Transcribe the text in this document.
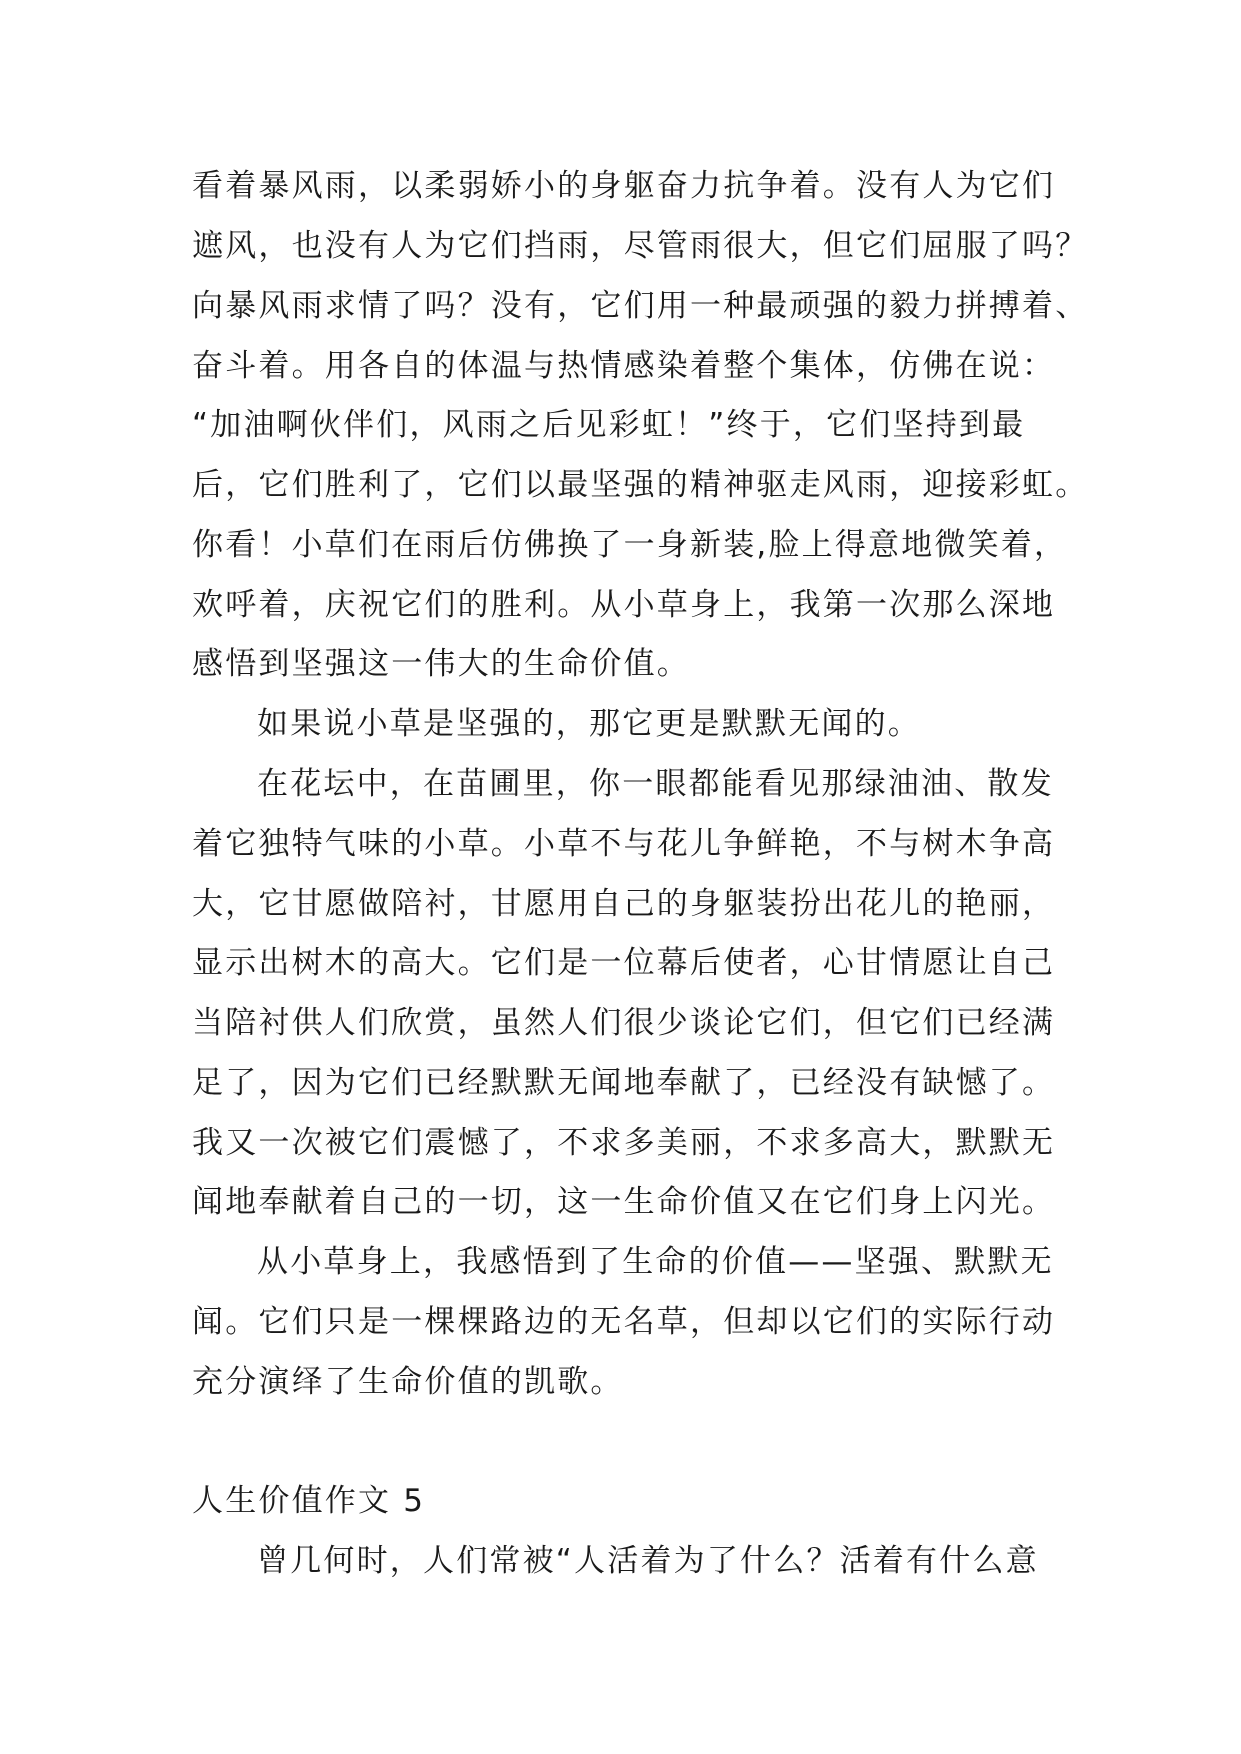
看着暴风雨，以柔弱娇小的身躯奋力抗争着。没有人为它们
遮风，也没有人为它们挡雨，尽管雨很大，但它们屈服了吗？
向暴风雨求情了吗？没有，它们用一种最顽强的毅力拼搏着、
奋斗着。用各自的体温与热情感染着整个集体，仿佛在说：
“加油啊伙伴们，风雨之后见彩虹！”终于，它们坚持到最
后，它们胜利了，它们以最坚强的精神驱走风雨，迎接彩虹。
你看！小草们在雨后仿佛换了一身新装,脸上得意地微笑着，
欢呼着，庆祝它们的胜利。从小草身上，我第一次那么深地
感悟到坚强这一伟大的生命价值。
如果说小草是坚强的，那它更是默默无闻的。
在花坛中，在苗圃里，你一眼都能看见那绿油油、散发
着它独特气味的小草。小草不与花儿争鲜艳，不与树木争高
大，它甘愿做陪衬，甘愿用自己的身躯装扮出花儿的艳丽，
显示出树木的高大。它们是一位幕后使者，心甘情愿让自己
当陪衬供人们欣赏，虽然人们很少谈论它们，但它们已经满
足了，因为它们已经默默无闻地奉献了，已经没有缺憾了。
我又一次被它们震憾了，不求多美丽，不求多高大，默默无
闻地奉献着自己的一切，这一生命价值又在它们身上闪光。
从小草身上，我感悟到了生命的价值——坚强、默默无
闻。它们只是一棵棵路边的无名草，但却以它们的实际行动
充分演绎了生命价值的凯歌。
人生价值作文 5
曾几何时，人们常被“人活着为了什么？活着有什么意
